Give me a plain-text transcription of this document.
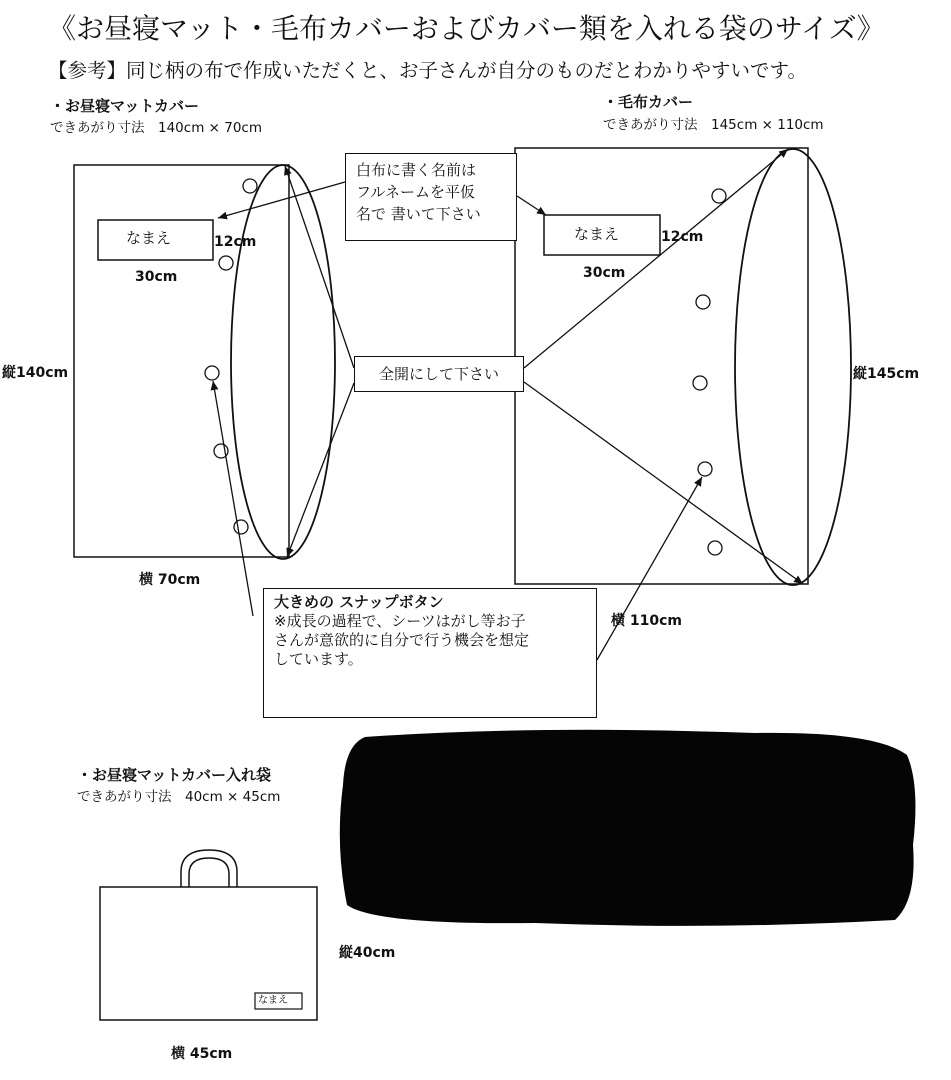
《お昼寝マット・毛布カバーおよびカバー類を入れる袋のサイズ》
【参考】同じ柄の布で作成いただくと、お子さんが自分のものだとわかりやすいです。
・お昼寝マットカバー
できあがり寸法　140cm × 70cm
なまえ	12cm
30cm
縦140cm
横 70cm
・毛布カバー
できあがり寸法　145cm × 110cm
なまえ	12cm
30cm
縦145cm
横 110cm
白布に書く名前は
フルネームを平仮
名で 書いて下さい
全開にして下さい
大きめの スナップボタン
※成長の過程で、シーツはがし等お子
さんが意欲的に自分で行う機会を想定
しています。
・お昼寝マットカバー入れ袋
できあがり寸法　40cm × 45cm
なまえ
縦40cm
横 45cm
